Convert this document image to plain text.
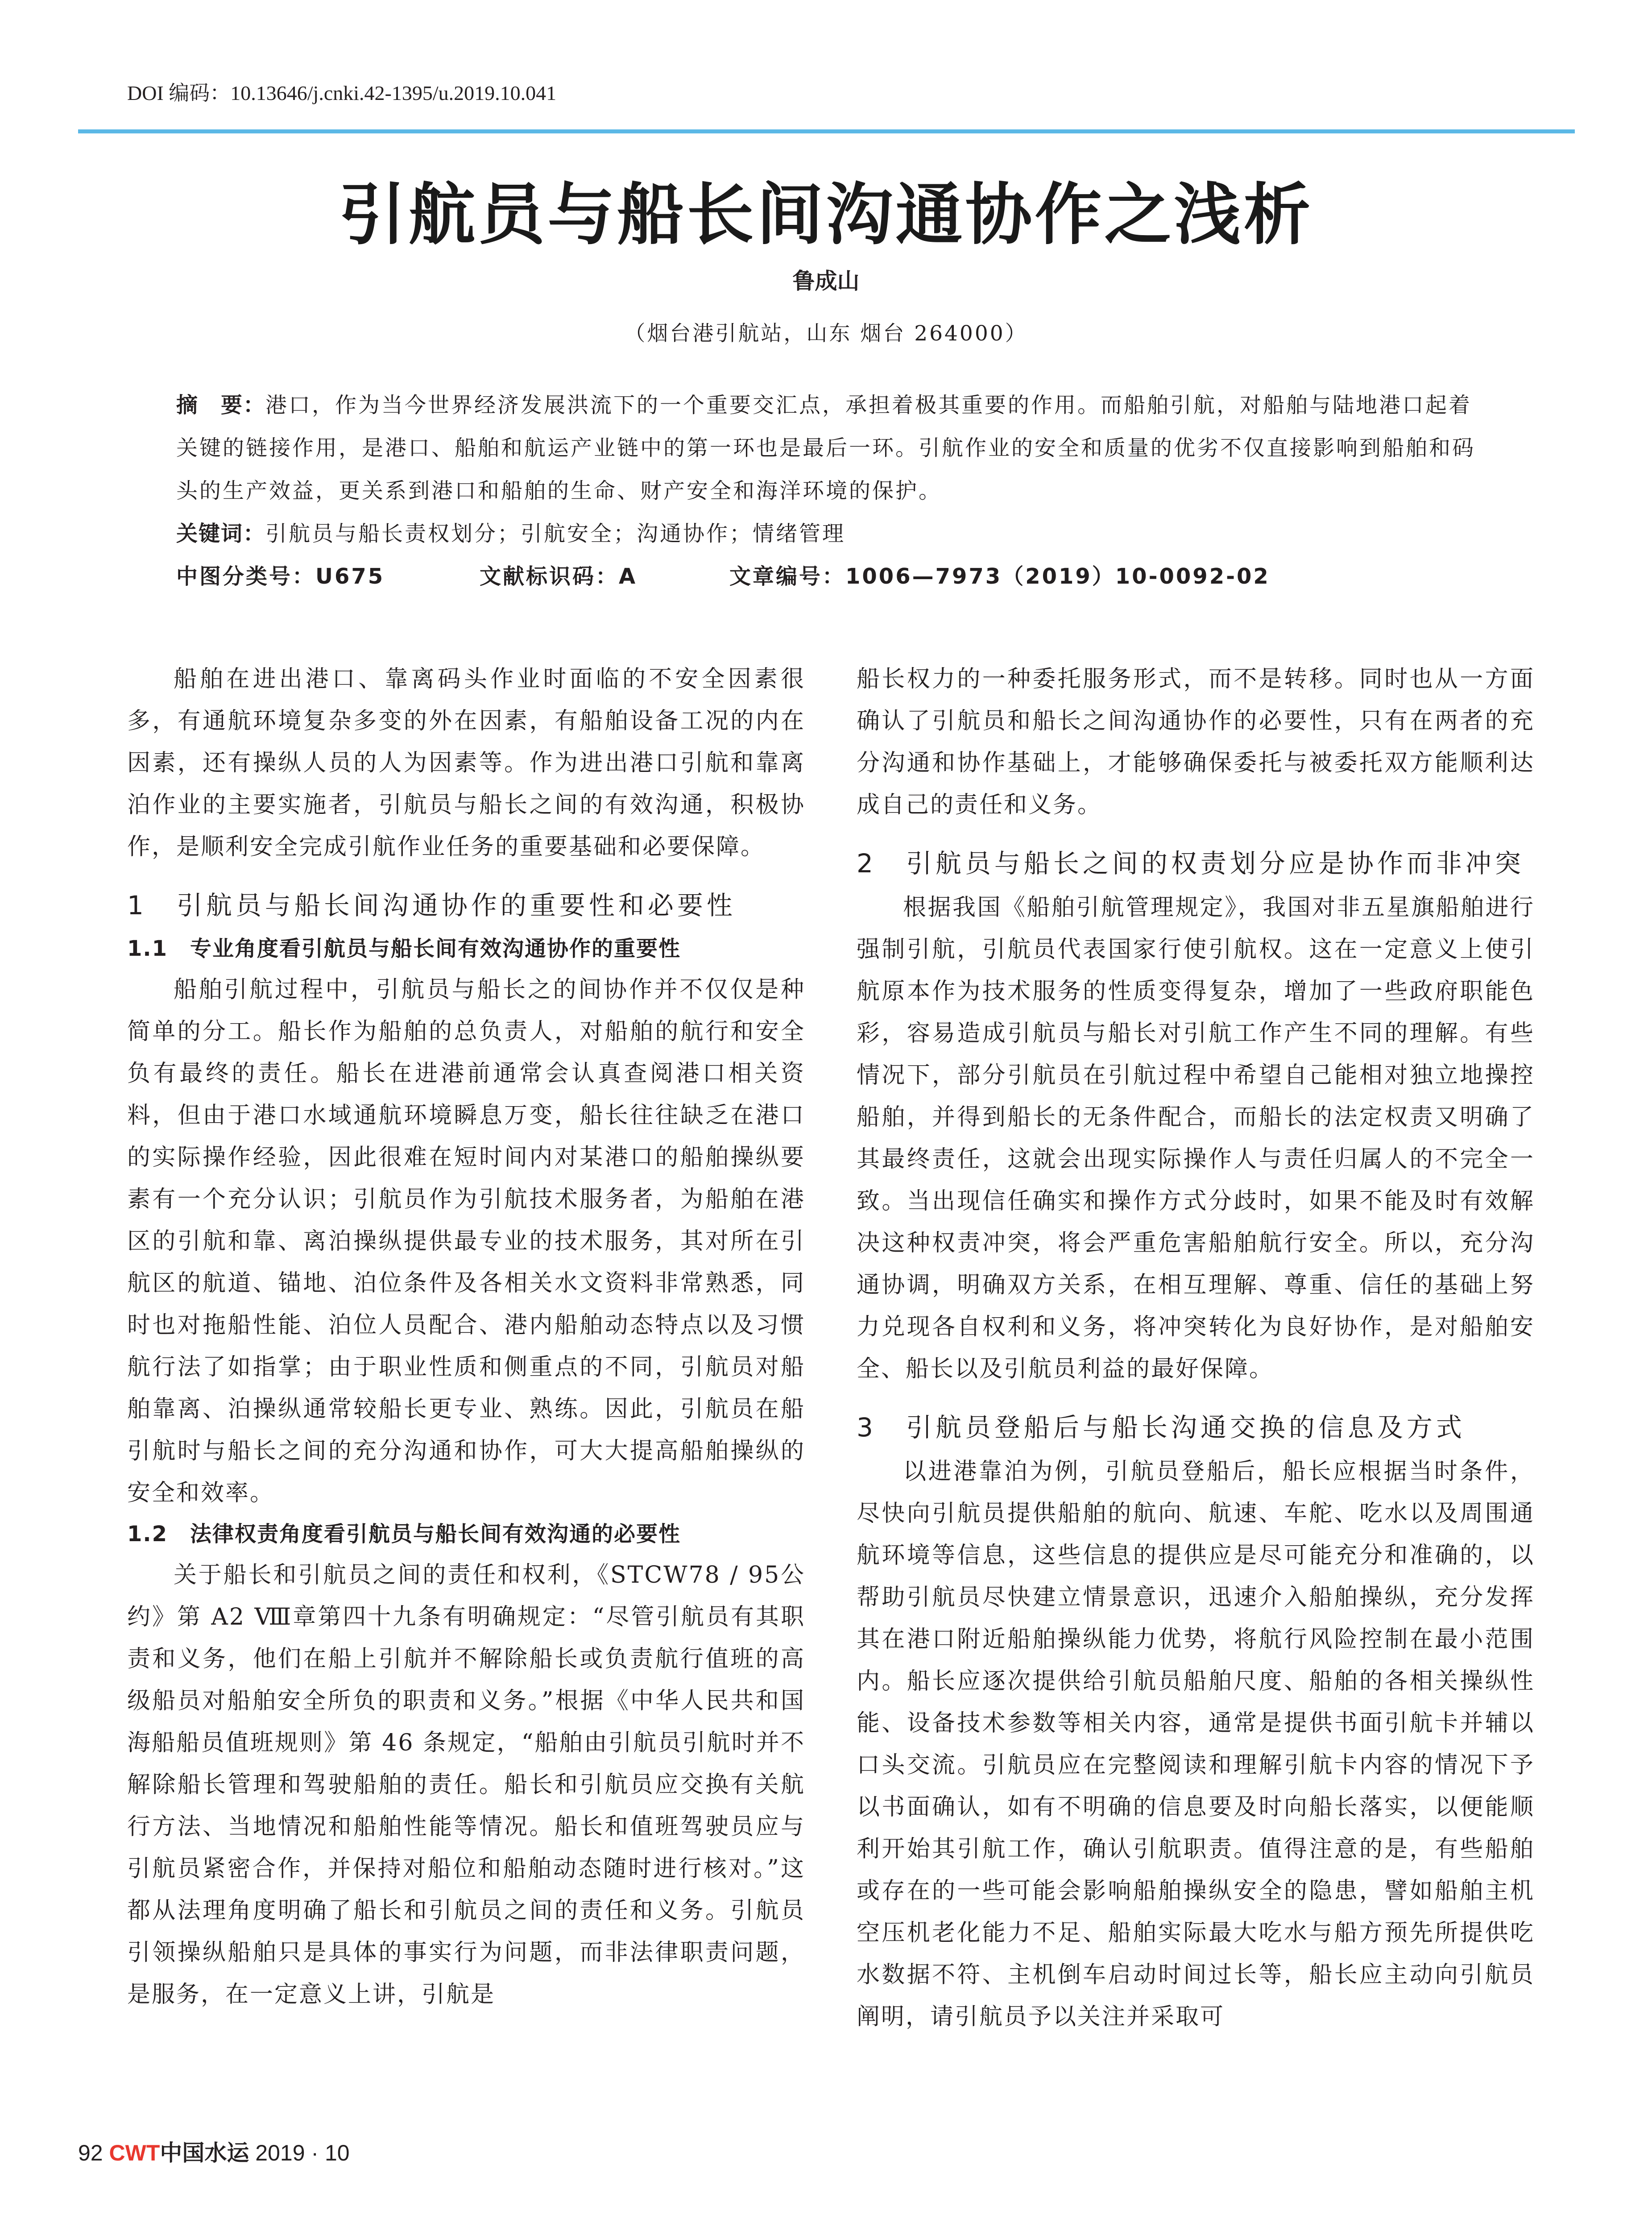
DOI 编码：10.13646/j.cnki.42-1395/u.2019.10.041
引航员与船长间沟通协作之浅析
鲁成山
（烟台港引航站，山东 烟台 264000）

摘　要：港口，作为当今世界经济发展洪流下的一个重要交汇点，承担着极其重要的作用。而船舶引航，对船舶与陆地港口起着关键的链接作用，是港口、船舶和航运产业链中的第一环也是最后一环。引航作业的安全和质量的优劣不仅直接影响到船舶和码头的生产效益，更关系到港口和船舶的生命、财产安全和海洋环境的保护。

关键词：引航员与船长责权划分；引航安全；沟通协作；情绪管理

中图分类号：U675	文献标识码：A	文章编号：1006—7973（2019）10-0092-02

船舶在进出港口、靠离码头作业时面临的不安全因素很多，有通航环境复杂多变的外在因素，有船舶设备工况的内在因素，还有操纵人员的人为因素等。作为进出港口引航和靠离泊作业的主要实施者，引航员与船长之间的有效沟通，积极协作，是顺利安全完成引航作业任务的重要基础和必要保障。

1　引航员与船长间沟通协作的重要性和必要性
1.1　专业角度看引航员与船长间有效沟通协作的重要性

船舶引航过程中，引航员与船长之的间协作并不仅仅是种简单的分工。船长作为船舶的总负责人，对船舶的航行和安全负有最终的责任。船长在进港前通常会认真查阅港口相关资料，但由于港口水域通航环境瞬息万变，船长往往缺乏在港口的实际操作经验，因此很难在短时间内对某港口的船舶操纵要素有一个充分认识；引航员作为引航技术服务者，为船舶在港区的引航和靠、离泊操纵提供最专业的技术服务，其对所在引航区的航道、锚地、泊位条件及各相关水文资料非常熟悉，同时也对拖船性能、泊位人员配合、港内船舶动态特点以及习惯航行法了如指掌；由于职业性质和侧重点的不同，引航员对船舶靠离、泊操纵通常较船长更专业、熟练。因此，引航员在船引航时与船长之间的充分沟通和协作，可大大提高船舶操纵的安全和效率。

1.2　法律权责角度看引航员与船长间有效沟通的必要性

关于船长和引航员之间的责任和权利，《STCW78 / 95公约》第 A2 Ⅷ章第四十九条有明确规定：“尽管引航员有其职责和义务，他们在船上引航并不解除船长或负责航行值班的高级船员对船舶安全所负的职责和义务。”根据《中华人民共和国海船船员值班规则》第 46 条规定，“船舶由引航员引航时并不解除船长管理和驾驶船舶的责任。船长和引航员应交换有关航行方法、当地情况和船舶性能等情况。船长和值班驾驶员应与引航员紧密合作，并保持对船位和船舶动态随时进行核对。”这都从法理角度明确了船长和引航员之间的责任和义务。引航员引领操纵船舶只是具体的事实行为问题，而非法律职责问题，是服务，在一定意义上讲，引航是

船长权力的一种委托服务形式，而不是转移。同时也从一方面确认了引航员和船长之间沟通协作的必要性，只有在两者的充分沟通和协作基础上，才能够确保委托与被委托双方能顺利达成自己的责任和义务。

2　引航员与船长之间的权责划分应是协作而非冲突

根据我国《船舶引航管理规定》，我国对非五星旗船舶进行强制引航，引航员代表国家行使引航权。这在一定意义上使引航原本作为技术服务的性质变得复杂，增加了一些政府职能色彩，容易造成引航员与船长对引航工作产生不同的理解。有些情况下，部分引航员在引航过程中希望自己能相对独立地操控船舶，并得到船长的无条件配合，而船长的法定权责又明确了其最终责任，这就会出现实际操作人与责任归属人的不完全一致。当出现信任确实和操作方式分歧时，如果不能及时有效解决这种权责冲突，将会严重危害船舶航行安全。所以，充分沟通协调，明确双方关系，在相互理解、尊重、信任的基础上努力兑现各自权利和义务，将冲突转化为良好协作，是对船舶安全、船长以及引航员利益的最好保障。

3　引航员登船后与船长沟通交换的信息及方式

以进港靠泊为例，引航员登船后，船长应根据当时条件，尽快向引航员提供船舶的航向、航速、车舵、吃水以及周围通航环境等信息，这些信息的提供应是尽可能充分和准确的，以帮助引航员尽快建立情景意识，迅速介入船舶操纵，充分发挥其在港口附近船舶操纵能力优势，将航行风险控制在最小范围内。船长应逐次提供给引航员船舶尺度、船舶的各相关操纵性能、设备技术参数等相关内容，通常是提供书面引航卡并辅以口头交流。引航员应在完整阅读和理解引航卡内容的情况下予以书面确认，如有不明确的信息要及时向船长落实，以便能顺利开始其引航工作，确认引航职责。值得注意的是，有些船舶或存在的一些可能会影响船舶操纵安全的隐患，譬如船舶主机空压机老化能力不足、船舶实际最大吃水与船方预先所提供吃水数据不符、主机倒车启动时间过长等，船长应主动向引航员阐明，请引航员予以关注并采取可

92 CWT中国水运 2019 · 10
